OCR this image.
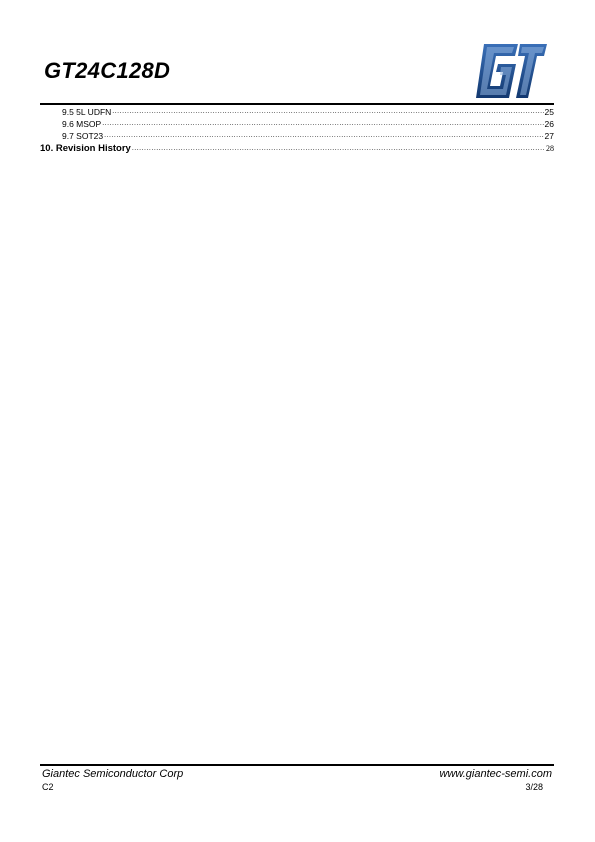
GT24C128D
9.5 5L UDFN .....	25
9.6 MSOP .....	26
9.7 SOT23 .....	27
10. Revision History .....	28
Giantec Semiconductor Corp	www.giantec-semi.com
C2	3/28
